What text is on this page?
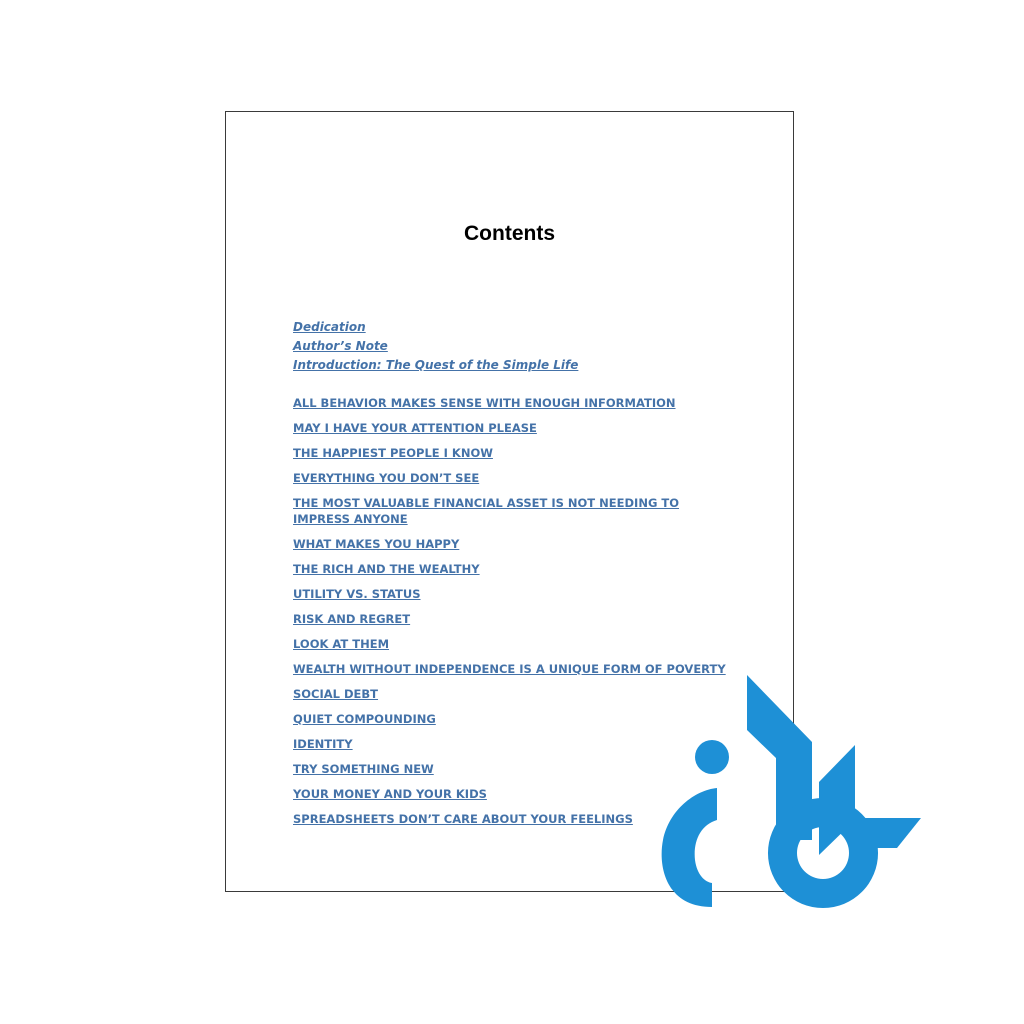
Contents
Dedication
Author’s Note
Introduction: The Quest of the Simple Life
ALL BEHAVIOR MAKES SENSE WITH ENOUGH INFORMATION
MAY I HAVE YOUR ATTENTION PLEASE
THE HAPPIEST PEOPLE I KNOW
EVERYTHING YOU DON’T SEE
THE MOST VALUABLE FINANCIAL ASSET IS NOT NEEDING TO IMPRESS ANYONE
WHAT MAKES YOU HAPPY
THE RICH AND THE WEALTHY
UTILITY VS. STATUS
RISK AND REGRET
LOOK AT THEM
WEALTH WITHOUT INDEPENDENCE IS A UNIQUE FORM OF POVERTY
SOCIAL DEBT
QUIET COMPOUNDING
IDENTITY
TRY SOMETHING NEW
YOUR MONEY AND YOUR KIDS
SPREADSHEETS DON’T CARE ABOUT YOUR FEELINGS
